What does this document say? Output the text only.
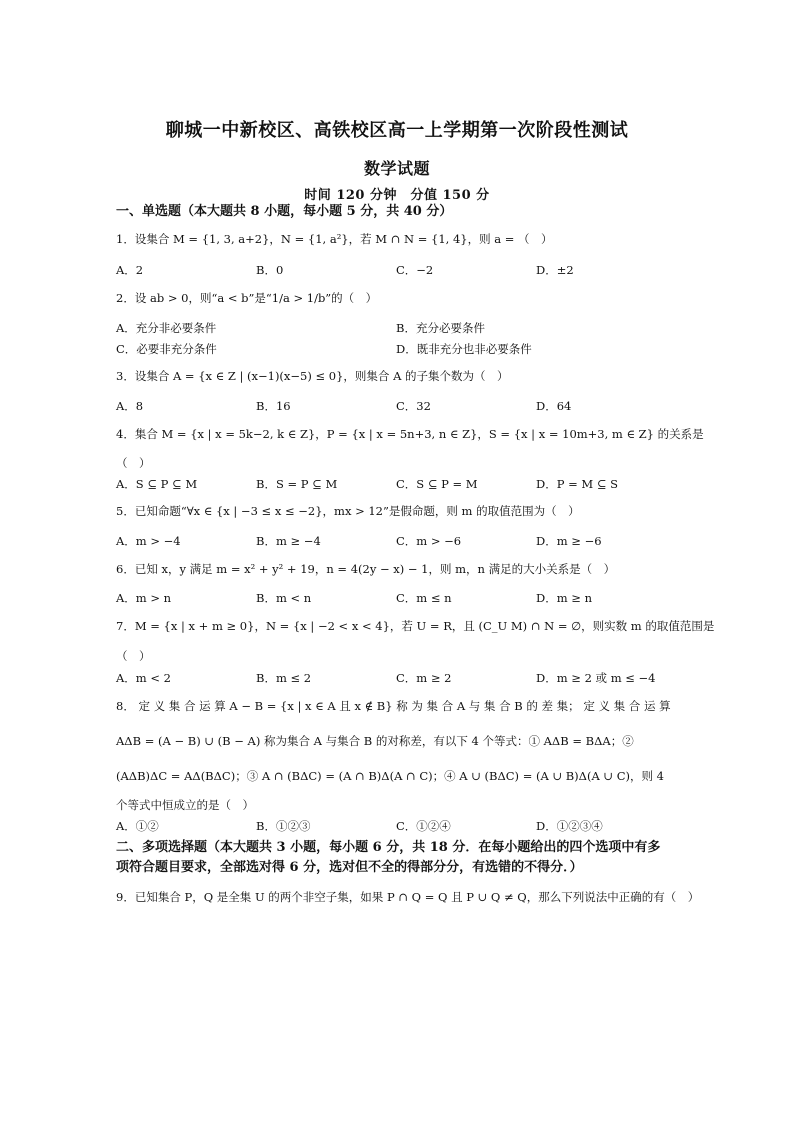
聊城一中新校区、高铁校区高一上学期第一次阶段性测试
数学试题
时间 120 分钟　分值 150 分
一、单选题（本大题共 8 小题，每小题 5 分，共 40 分）
1．设集合 M = {1, 3, a+2}，N = {1, a²}，若 M ∩ N = {1, 4}，则 a = （　）
A．2	B．0	C．−2	D．±2
2．设 ab > 0，则“a < b”是“1/a > 1/b”的（　）
A．充分非必要条件	B．充分必要条件
C．必要非充分条件	D．既非充分也非必要条件
3．设集合 A = {x ∈ Z | (x−1)(x−5) ≤ 0}，则集合 A 的子集个数为（　）
A．8	B．16	C．32	D．64
4．集合 M = {x | x = 5k−2, k ∈ Z}，P = {x | x = 5n+3, n ∈ Z}，S = {x | x = 10m+3, m ∈ Z} 的关系是
（　）
A．S ⊆ P ⊆ M	B．S = P ⊆ M	C．S ⊆ P = M	D．P = M ⊆ S
5．已知命题“∀x ∈ {x | −3 ≤ x ≤ −2}，mx > 12”是假命题，则 m 的取值范围为（　）
A．m > −4	B．m ≥ −4	C．m > −6	D．m ≥ −6
6．已知 x，y 满足 m = x² + y² + 19，n = 4(2y − x) − 1，则 m，n 满足的大小关系是（　）
A．m > n	B．m < n	C．m ≤ n	D．m ≥ n
7．M = {x | x + m ≥ 0}，N = {x | −2 < x < 4}，若 U = R，且 (C_U M) ∩ N = ∅，则实数 m 的取值范围是
（　）
A．m < 2	B．m ≤ 2	C．m ≥ 2	D．m ≥ 2 或 m ≤ −4
8． 定 义 集 合 运 算 A − B = {x | x ∈ A 且 x ∉ B} 称 为 集 合 A 与 集 合 B 的 差 集； 定 义 集 合 运 算
AΔB = (A − B) ∪ (B − A) 称为集合 A 与集合 B 的对称差，有以下 4 个等式：① AΔB = BΔA；②
(AΔB)ΔC = AΔ(BΔC)；③ A ∩ (BΔC) = (A ∩ B)Δ(A ∩ C)；④ A ∪ (BΔC) = (A ∪ B)Δ(A ∪ C)，则 4
个等式中恒成立的是（　）
A．①②	B．①②③	C．①②④	D．①②③④
二、多项选择题（本大题共 3 小题，每小题 6 分，共 18 分．在每小题给出的四个选项中有多
项符合题目要求，全部选对得 6 分，选对但不全的得部分分，有选错的不得分．）
9．已知集合 P，Q 是全集 U 的两个非空子集，如果 P ∩ Q = Q 且 P ∪ Q ≠ Q，那么下列说法中正确的有（　）
